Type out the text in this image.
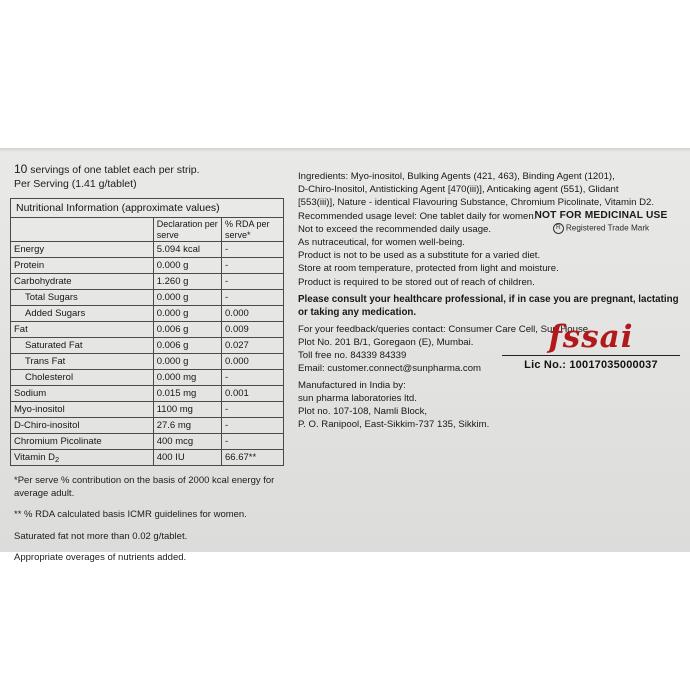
10 servings of one tablet each per strip.
Per Serving (1.41 g/tablet)
Nutritional Information (approximate values)
	Declaration per serve	% RDA per serve*
Energy	5.094 kcal	-
Protein	0.000 g	-
Carbohydrate	1.260 g	-
Total Sugars	0.000 g	-
Added Sugars	0.000 g	0.000
Fat	0.006 g	0.009
Saturated Fat	0.006 g	0.027
Trans Fat	0.000 g	0.000
Cholesterol	0.000 mg	-
Sodium	0.015 mg	0.001
Myo-inositol	1100 mg	-
D-Chiro-inositol	27.6 mg	-
Chromium Picolinate	400 mcg	-
Vitamin $D_2$	400 IU	66.67**

*Per serve % contribution on the basis of 2000 kcal energy for average adult.

** % RDA calculated basis ICMR guidelines for women.

Saturated fat not more than 0.02 g/tablet.

Appropriate overages of nutrients added.

Ingredients: Myo-inositol, Bulking Agents (421, 463), Binding Agent (1201),

D-Chiro-Inositol, Antisticking Agent [470(iii)], Anticaking agent (551), Glidant

[553(iii)], Nature - identical Flavouring Substance, Chromium Picolinate, Vitamin D2.

Recommended usage level: One tablet daily for women.

Not to exceed the recommended daily usage.

As nutraceutical, for women well-being.

Product is not to be used as a substitute for a varied diet.

Store at room temperature, protected from light and moisture.

Product is required to be stored out of reach of children.

Please consult your healthcare professional, if in case you are pregnant, lactating or taking any medication.

For your feedback/queries contact: Consumer Care Cell, Sun House,

Plot No. 201 B/1, Goregaon (E), Mumbai.

Toll free no. 84339 84339

Email: customer.connect@sunpharma.com

Manufactured in India by:

sun pharma laboratories ltd.

Plot no. 107-108, Namli Block,

P. O. Ranipool, East-Sikkim-737 135, Sikkim.

NOT FOR MEDICINAL USE
R Registered Trade Mark
fssai
Lic No.: 10017035000037
